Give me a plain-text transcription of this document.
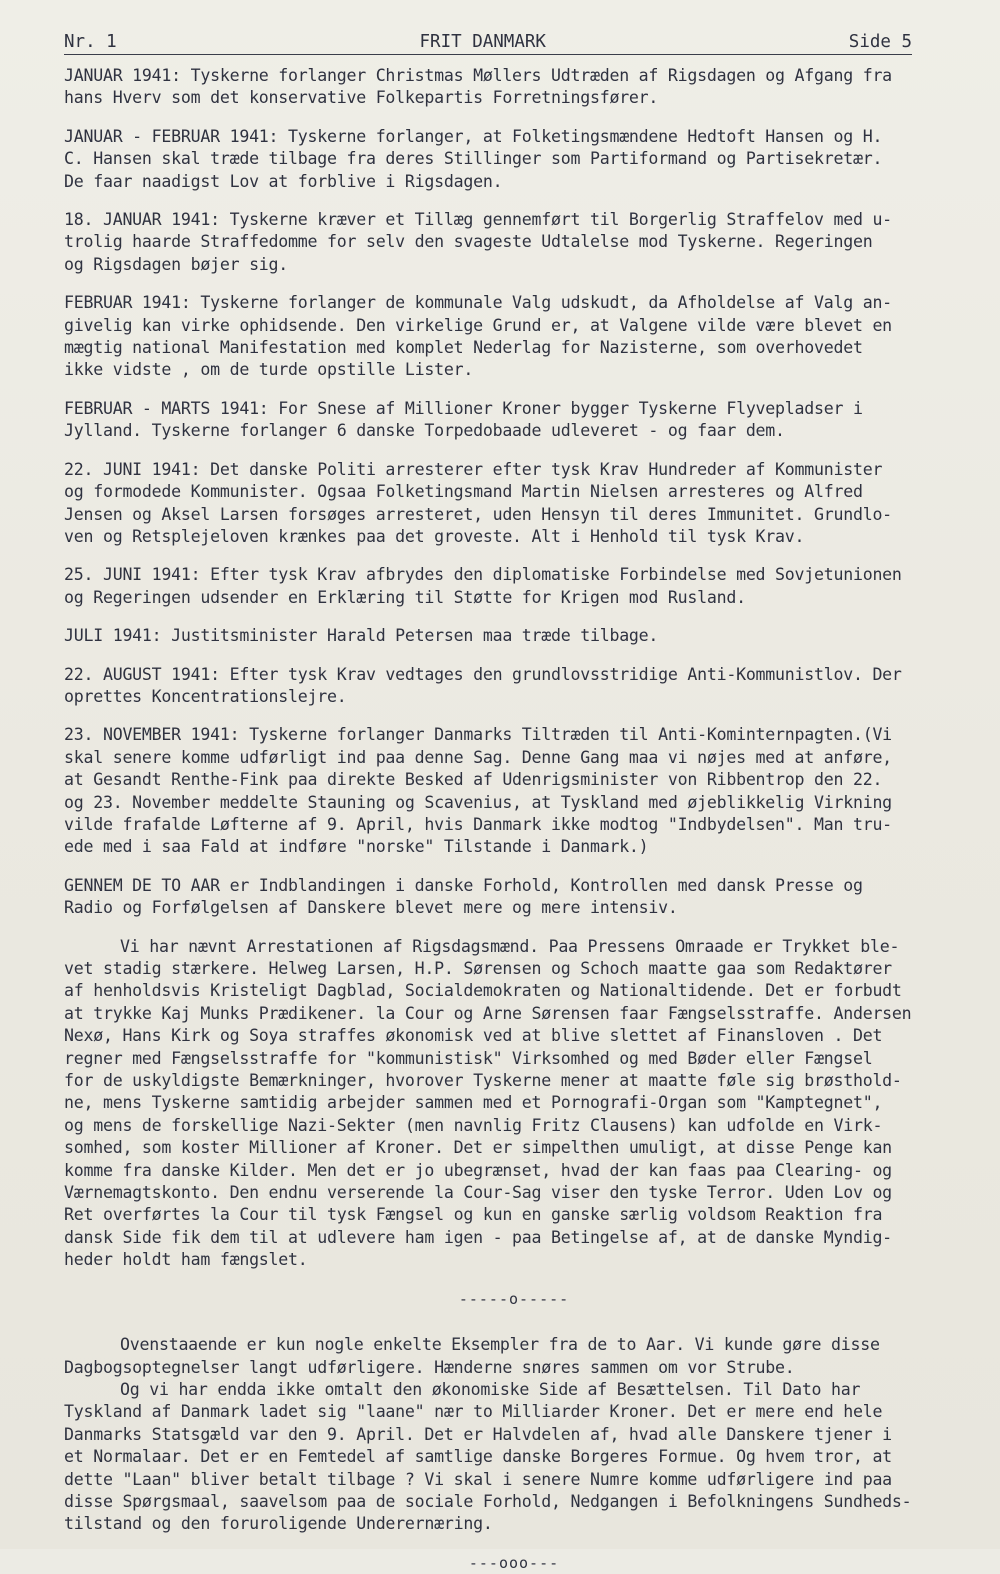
Nr. 1	FRIT DANMARK	Side 5
JANUAR 1941: Tyskerne forlanger Christmas Møllers Udtræden af Rigsdagen og Afgang fra
hans Hverv som det konservative Folkepartis Forretningsfører.
JANUAR - FEBRUAR 1941: Tyskerne forlanger, at Folketingsmændene Hedtoft Hansen og H.
C. Hansen skal træde tilbage fra deres Stillinger som Partiformand og Partisekretær.
De faar naadigst Lov at forblive i Rigsdagen.
18. JANUAR 1941: Tyskerne kræver et Tillæg gennemført til Borgerlig Straffelov med u-
trolig haarde Straffedomme for selv den svageste Udtalelse mod Tyskerne. Regeringen
og Rigsdagen bøjer sig.
FEBRUAR 1941: Tyskerne forlanger de kommunale Valg udskudt, da Afholdelse af Valg an-
givelig kan virke ophidsende. Den virkelige Grund er, at Valgene vilde være blevet en
mægtig national Manifestation med komplet Nederlag for Nazisterne, som overhovedet
ikke vidste , om de turde opstille Lister.
FEBRUAR - MARTS 1941: For Snese af Millioner Kroner bygger Tyskerne Flyvepladser i
Jylland. Tyskerne forlanger 6 danske Torpedobaade udleveret - og faar dem.
22. JUNI 1941: Det danske Politi arresterer efter tysk Krav Hundreder af Kommunister
og formodede Kommunister. Ogsaa Folketingsmand Martin Nielsen arresteres og Alfred
Jensen og Aksel Larsen forsøges arresteret, uden Hensyn til deres Immunitet. Grundlo-
ven og Retsplejeloven krænkes paa det groveste. Alt i Henhold til tysk Krav.
25. JUNI 1941: Efter tysk Krav afbrydes den diplomatiske Forbindelse med Sovjetunionen
og Regeringen udsender en Erklæring til Støtte for Krigen mod Rusland.
JULI 1941: Justitsminister Harald Petersen maa træde tilbage.
22. AUGUST 1941: Efter tysk Krav vedtages den grundlovsstridige Anti-Kommunistlov. Der
oprettes Koncentrationslejre.
23. NOVEMBER 1941: Tyskerne forlanger Danmarks Tiltræden til Anti-Kominternpagten.(Vi
skal senere komme udførligt ind paa denne Sag. Denne Gang maa vi nøjes med at anføre,
at Gesandt Renthe-Fink paa direkte Besked af Udenrigsminister von Ribbentrop den 22.
og 23. November meddelte Stauning og Scavenius, at Tyskland med øjeblikkelig Virkning
vilde frafalde Løfterne af 9. April, hvis Danmark ikke modtog "Indbydelsen". Man tru-
ede med i saa Fald at indføre "norske" Tilstande i Danmark.)
GENNEM DE TO AAR er Indblandingen i danske Forhold, Kontrollen med dansk Presse og
Radio og Forfølgelsen af Danskere blevet mere og mere intensiv.
Vi har nævnt Arrestationen af Rigsdagsmænd. Paa Pressens Omraade er Trykket ble-
vet stadig stærkere. Helweg Larsen, H.P. Sørensen og Schoch maatte gaa som Redaktører
af henholdsvis Kristeligt Dagblad, Socialdemokraten og Nationaltidende. Det er forbudt
at trykke Kaj Munks Prædikener. la Cour og Arne Sørensen faar Fængselsstraffe. Andersen
Nexø, Hans Kirk og Soya straffes økonomisk ved at blive slettet af Finansloven . Det
regner med Fængselsstraffe for "kommunistisk" Virksomhed og med Bøder eller Fængsel
for de uskyldigste Bemærkninger, hvorover Tyskerne mener at maatte føle sig brøsthold-
ne, mens Tyskerne samtidig arbejder sammen med et Pornografi-Organ som "Kamptegnet",
og mens de forskellige Nazi-Sekter (men navnlig Fritz Clausens) kan udfolde en Virk-
somhed, som koster Millioner af Kroner. Det er simpelthen umuligt, at disse Penge kan
komme fra danske Kilder. Men det er jo ubegrænset, hvad der kan faas paa Clearing- og
Værnemagtskonto. Den endnu verserende la Cour-Sag viser den tyske Terror. Uden Lov og
Ret overførtes la Cour til tysk Fængsel og kun en ganske særlig voldsom Reaktion fra
dansk Side fik dem til at udlevere ham igen - paa Betingelse af, at de danske Myndig-
heder holdt ham fængslet.
-----o-----
Ovenstaaende er kun nogle enkelte Eksempler fra de to Aar. Vi kunde gøre disse
Dagbogsoptegnelser langt udførligere. Hænderne snøres sammen om vor Strube.
Og vi har endda ikke omtalt den økonomiske Side af Besættelsen. Til Dato har
Tyskland af Danmark ladet sig "laane" nær to Milliarder Kroner. Det er mere end hele
Danmarks Statsgæld var den 9. April. Det er Halvdelen af, hvad alle Danskere tjener i
et Normalaar. Det er en Femtedel af samtlige danske Borgeres Formue. Og hvem tror, at
dette "Laan" bliver betalt tilbage ? Vi skal i senere Numre komme udførligere ind paa
disse Spørgsmaal, saavelsom paa de sociale Forhold, Nedgangen i Befolkningens Sundheds-
tilstand og den foruroligende Underernæring.
---ooo---
